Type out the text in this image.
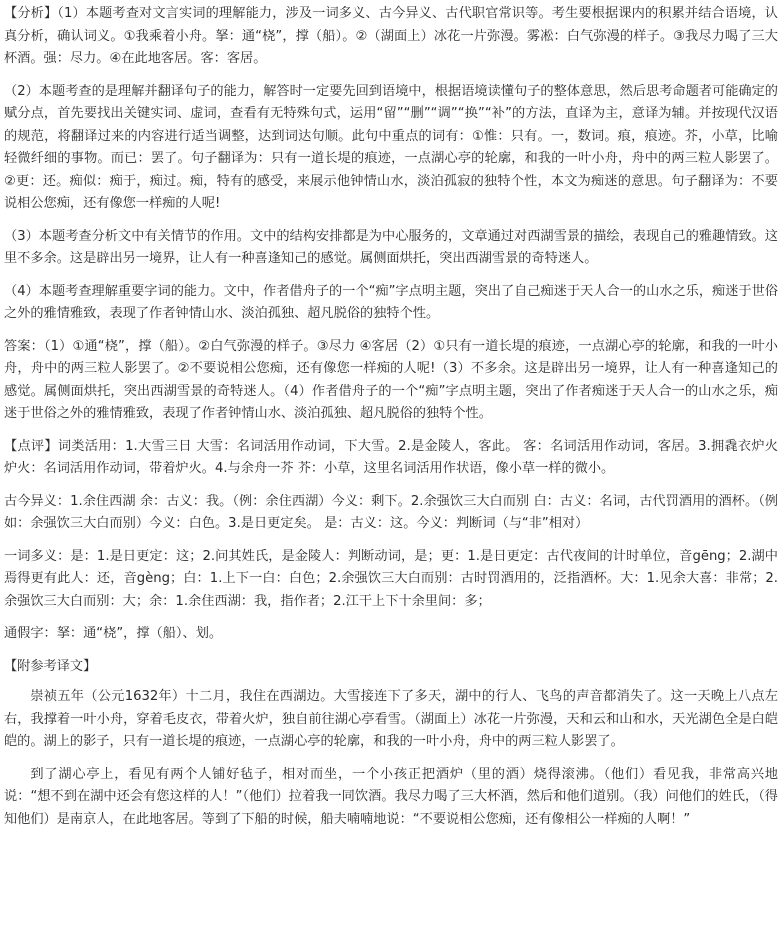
【分析】（1）本题考查对文言实词的理解能力，涉及一词多义、古今异义、古代职官常识等。考生要根据课内的积累并结合语境，认真分析，确认词义。①我乘着小舟。拏：通“桡”，撑（船）。②（湖面上）冰花一片弥漫。雾凇：白气弥漫的样子。③我尽力喝了三大杯酒。强：尽力。④在此地客居。客：客居。

（2）本题考查的是理解并翻译句子的能力，解答时一定要先回到语境中，根据语境读懂句子的整体意思，然后思考命题者可能确定的赋分点，首先要找出关键实词、虚词，查看有无特殊句式，运用“留”“删”“调”“换”“补”的方法，直译为主，意译为辅。并按现代汉语的规范，将翻译过来的内容进行适当调整，达到词达句顺。此句中重点的词有：①惟：只有。一，数词。痕，痕迹。芥，小草，比喻轻微纤细的事物。而已：罢了。句子翻译为：只有一道长堤的痕迹，一点湖心亭的轮廓，和我的一叶小舟，舟中的两三粒人影罢了。②更：还。痴似：痴于，痴过。痴，特有的感受，来展示他钟情山水，淡泊孤寂的独特个性，本文为痴迷的意思。句子翻译为：不要说相公您痴，还有像您一样痴的人呢!

（3）本题考查分析文中有关情节的作用。文中的结构安排都是为中心服务的，文章通过对西湖雪景的描绘，表现自己的雅趣情致。这里不多余。这是辟出另一境界，让人有一种喜逢知己的感觉。属侧面烘托，突出西湖雪景的奇特迷人。

（4）本题考查理解重要字词的能力。文中，作者借舟子的一个“痴”字点明主题，突出了自己痴迷于天人合一的山水之乐，痴迷于世俗之外的雅情雅致，表现了作者钟情山水、淡泊孤独、超凡脱俗的独特个性。

答案：（1）①通“桡”，撑（船）。②白气弥漫的样子。③尽力 ④客居（2）①只有一道长堤的痕迹，一点湖心亭的轮廓，和我的一叶小舟，舟中的两三粒人影罢了。②不要说相公您痴，还有像您一样痴的人呢!（3）不多余。这是辟出另一境界，让人有一种喜逢知己的感觉。属侧面烘托，突出西湖雪景的奇特迷人。（4）作者借舟子的一个“痴”字点明主题，突出了作者痴迷于天人合一的山水之乐，痴迷于世俗之外的雅情雅致，表现了作者钟情山水、淡泊孤独、超凡脱俗的独特个性。

【点评】词类活用：1.大雪三日 大雪：名词活用作动词，下大雪。2.是金陵人，客此。 客：名词活用作动词，客居。3.拥毳衣炉火 炉火：名词活用作动词，带着炉火。4.与余舟一芥 芥：小草，这里名词活用作状语，像小草一样的微小。

古今异义：1.余住西湖 余：古义：我。（例：余住西湖）今义：剩下。2.余强饮三大白而别 白：古义：名词，古代罚酒用的酒杯。（例如：余强饮三大白而别）今义：白色。3.是日更定矣。 是：古义：这。今义：判断词（与“非”相对）

一词多义：是：1.是日更定：这；2.问其姓氏，是金陵人：判断动词，是；更：1.是日更定：古代夜间的计时单位，音gēng；2.湖中焉得更有此人：还，音gèng；白：1.上下一白：白色；2.余强饮三大白而别：古时罚酒用的，泛指酒杯。大：1.见余大喜：非常；2.余强饮三大白而别：大；余：1.余住西湖：我，指作者；2.江干上下十余里间：多；

通假字：拏：通“桡”，撑（船）、划。

【附参考译文】

崇祯五年（公元1632年）十二月，我住在西湖边。大雪接连下了多天，湖中的行人、飞鸟的声音都消失了。这一天晚上八点左右，我撑着一叶小舟，穿着毛皮衣，带着火炉，独自前往湖心亭看雪。（湖面上）冰花一片弥漫，天和云和山和水，天光湖色全是白皑皑的。湖上的影子，只有一道长堤的痕迹，一点湖心亭的轮廓，和我的一叶小舟，舟中的两三粒人影罢了。

到了湖心亭上，看见有两个人铺好毡子，相对而坐，一个小孩正把酒炉（里的酒）烧得滚沸。（他们）看见我，非常高兴地说：“想不到在湖中还会有您这样的人！”（他们）拉着我一同饮酒。我尽力喝了三大杯酒，然后和他们道别。（我）问他们的姓氏，（得知他们）是南京人，在此地客居。等到了下船的时候，船夫喃喃地说：“不要说相公您痴，还有像相公一样痴的人啊！”
